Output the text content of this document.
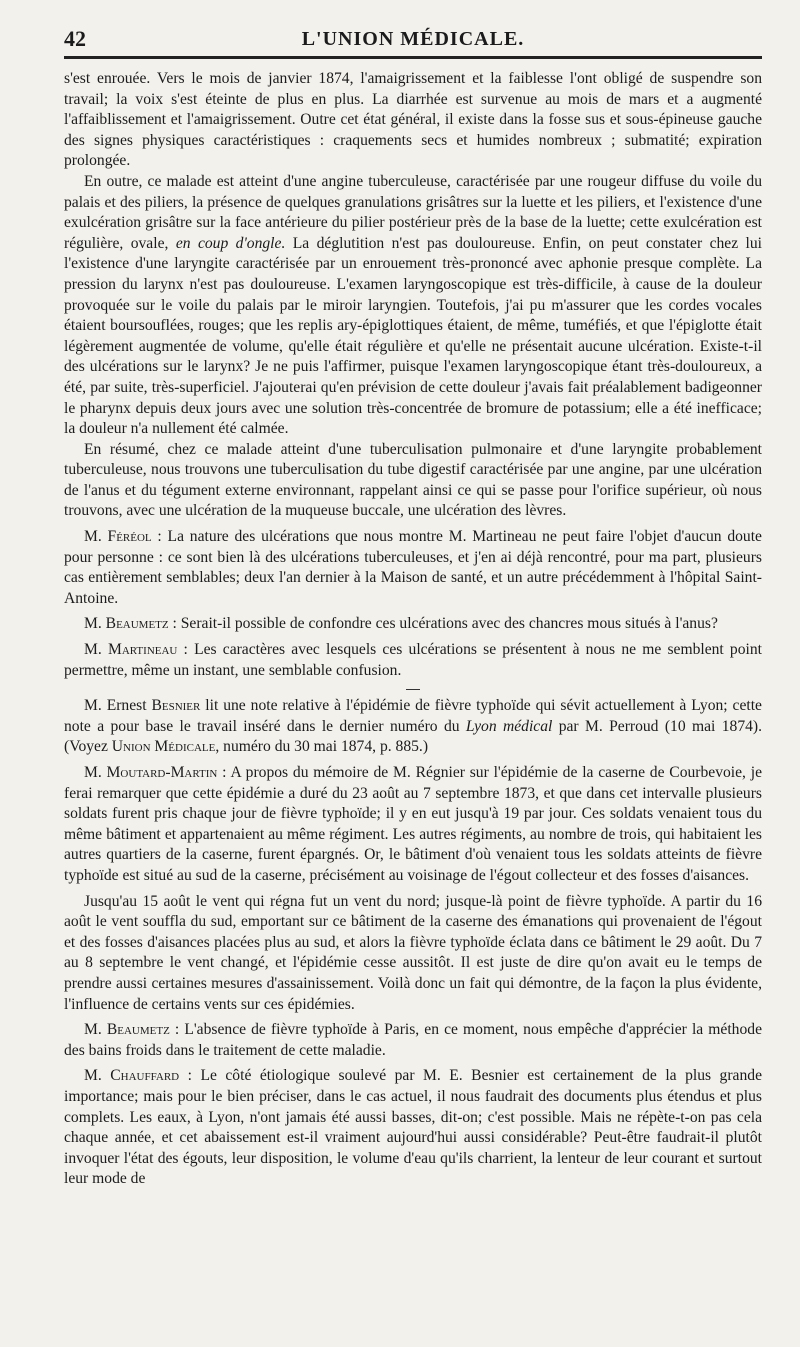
42	L'UNION MÉDICALE.

s'est enrouée. Vers le mois de janvier 1874, l'amaigrissement et la faiblesse l'ont obligé de suspendre son travail; la voix s'est éteinte de plus en plus. La diarrhée est survenue au mois de mars et a augmenté l'affaiblissement et l'amaigrissement. Outre cet état général, il existe dans la fosse sus et sous-épineuse gauche des signes physiques caractéristiques : craquements secs et humides nombreux ; submatité; expiration prolongée.

En outre, ce malade est atteint d'une angine tuberculeuse, caractérisée par une rougeur diffuse du voile du palais et des piliers, la présence de quelques granulations grisâtres sur la luette et les piliers, et l'existence d'une exulcération grisâtre sur la face antérieure du pilier postérieur près de la base de la luette; cette exulcération est régulière, ovale, en coup d'ongle. La déglutition n'est pas douloureuse. Enfin, on peut constater chez lui l'existence d'une laryngite caractérisée par un enrouement très-prononcé avec aphonie presque complète. La pression du larynx n'est pas douloureuse. L'examen laryngoscopique est très-difficile, à cause de la douleur provoquée sur le voile du palais par le miroir laryngien. Toutefois, j'ai pu m'assurer que les cordes vocales étaient boursouflées, rouges; que les replis ary-épiglottiques étaient, de même, tuméfiés, et que l'épiglotte était légèrement augmentée de volume, qu'elle était régulière et qu'elle ne présentait aucune ulcération. Existe-t-il des ulcérations sur le larynx? Je ne puis l'affirmer, puisque l'examen laryngoscopique étant très-douloureux, a été, par suite, très-superficiel. J'ajouterai qu'en prévision de cette douleur j'avais fait préalablement badigeonner le pharynx depuis deux jours avec une solution très-concentrée de bromure de potassium; elle a été inefficace; la douleur n'a nullement été calmée.

En résumé, chez ce malade atteint d'une tuberculisation pulmonaire et d'une laryngite probablement tuberculeuse, nous trouvons une tuberculisation du tube digestif caractérisée par une angine, par une ulcération de l'anus et du tégument externe environnant, rappelant ainsi ce qui se passe pour l'orifice supérieur, où nous trouvons, avec une ulcération de la muqueuse buccale, une ulcération des lèvres.

M. Féréol : La nature des ulcérations que nous montre M. Martineau ne peut faire l'objet d'aucun doute pour personne : ce sont bien là des ulcérations tuberculeuses, et j'en ai déjà rencontré, pour ma part, plusieurs cas entièrement semblables; deux l'an dernier à la Maison de santé, et un autre précédemment à l'hôpital Saint-Antoine.

M. Beaumetz : Serait-il possible de confondre ces ulcérations avec des chancres mous situés à l'anus?

M. Martineau : Les caractères avec lesquels ces ulcérations se présentent à nous ne me semblent point permettre, même un instant, une semblable confusion.

M. Ernest Besnier lit une note relative à l'épidémie de fièvre typhoïde qui sévit actuellement à Lyon; cette note a pour base le travail inséré dans le dernier numéro du Lyon médical par M. Perroud (10 mai 1874). (Voyez Union Médicale, numéro du 30 mai 1874, p. 885.)

M. Moutard-Martin : A propos du mémoire de M. Régnier sur l'épidémie de la caserne de Courbevoie, je ferai remarquer que cette épidémie a duré du 23 août au 7 septembre 1873, et que dans cet intervalle plusieurs soldats furent pris chaque jour de fièvre typhoïde; il y en eut jusqu'à 19 par jour. Ces soldats venaient tous du même bâtiment et appartenaient au même régiment. Les autres régiments, au nombre de trois, qui habitaient les autres quartiers de la caserne, furent épargnés. Or, le bâtiment d'où venaient tous les soldats atteints de fièvre typhoïde est situé au sud de la caserne, précisément au voisinage de l'égout collecteur et des fosses d'aisances.

Jusqu'au 15 août le vent qui régna fut un vent du nord; jusque-là point de fièvre typhoïde. A partir du 16 août le vent souffla du sud, emportant sur ce bâtiment de la caserne des émanations qui provenaient de l'égout et des fosses d'aisances placées plus au sud, et alors la fièvre typhoïde éclata dans ce bâtiment le 29 août. Du 7 au 8 septembre le vent changé, et l'épidémie cesse aussitôt. Il est juste de dire qu'on avait eu le temps de prendre aussi certaines mesures d'assainissement. Voilà donc un fait qui démontre, de la façon la plus évidente, l'influence de certains vents sur ces épidémies.

M. Beaumetz : L'absence de fièvre typhoïde à Paris, en ce moment, nous empêche d'apprécier la méthode des bains froids dans le traitement de cette maladie.

M. Chauffard : Le côté étiologique soulevé par M. E. Besnier est certainement de la plus grande importance; mais pour le bien préciser, dans le cas actuel, il nous faudrait des documents plus étendus et plus complets. Les eaux, à Lyon, n'ont jamais été aussi basses, dit-on; c'est possible. Mais ne répète-t-on pas cela chaque année, et cet abaissement est-il vraiment aujourd'hui aussi considérable? Peut-être faudrait-il plutôt invoquer l'état des égouts, leur disposition, le volume d'eau qu'ils charrient, la lenteur de leur courant et surtout leur mode de
